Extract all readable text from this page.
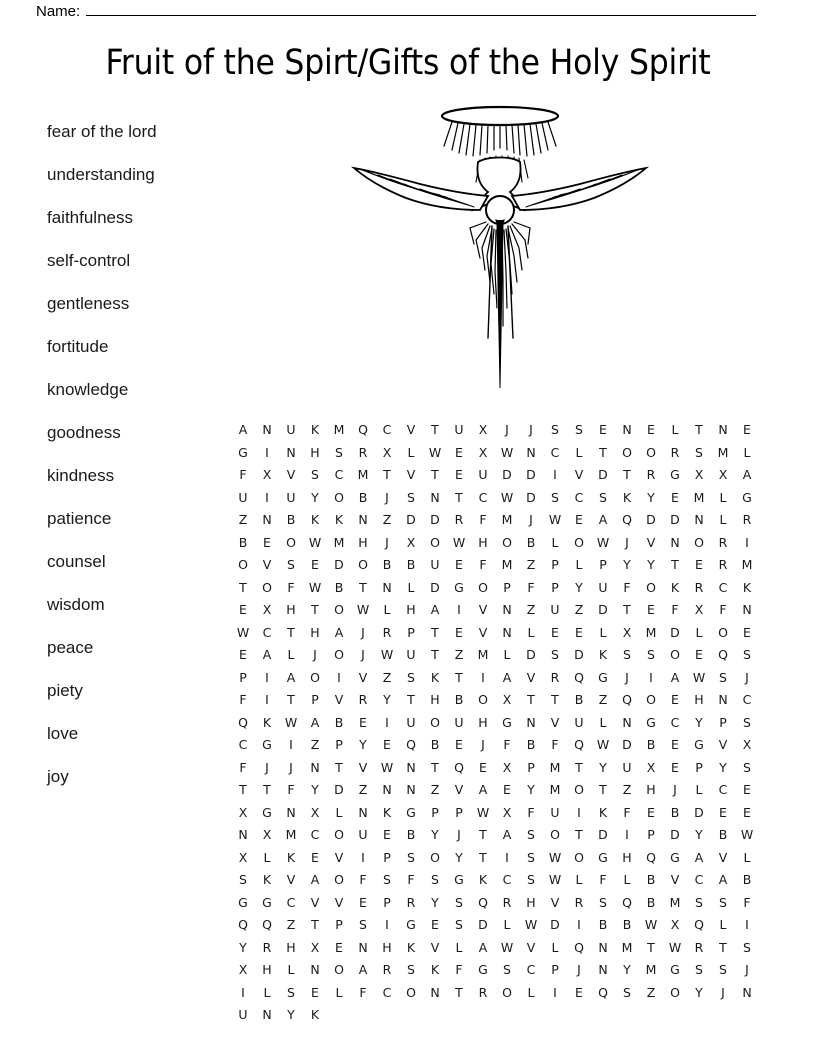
Name:
Fruit of the Spirt/Gifts of the Holy Spirit
fear of the lord
understanding
faithfulness
self-control
gentleness
fortitude
knowledge
goodness
kindness
patience
counsel
wisdom
peace
piety
love
joy
A	N	U	K	M	Q	C	V	T	U	X	J	J	S	S	E	N	E	L	T	N	E
G	I	N	H	S	R	X	L	W	E	X	W	N	C	L	T	O	O	R	S	M	L
F	X	V	S	C	M	T	V	T	E	U	D	D	I	V	D	T	R	G	X	X	A
U	I	U	Y	O	B	J	S	N	T	C	W	D	S	C	S	K	Y	E	M	L	G
Z	N	B	K	K	N	Z	D	D	R	F	M	J	W	E	A	Q	D	D	N	L	R
B	E	O	W M	H	J	X	O	W	H	O	B	L	O	W	J	V	N	O	R	I
O	V	S	E	D	O	B	B	U	E	F	M	Z	P	L	P	Y	Y	T	E	R	M
T	O	F	W	B	T	N	L	D	G	O	P	F	P	Y	U	F	O	K	R	C	K
E	X	H	T	O	W	L	H	A	I	V	N	Z	U	Z	D	T	E	F	X	F	N
W	C	T	H	A	J	R	P	T	E	V	N	L	E	E	L	X	M	D	L	O	E
E	A	L	J	O	J	W	U	T	Z	M	L	D	S	D	K	S	S	O	E	Q	S
P	I	A	O	I	V	Z	S	K	T	I	A	V	R	Q	G	J	I	A	W	S	J
F	I	T	P	V	R	Y	T	H	B	O	X	T	T	B	Z	Q	O	E	H	N	C
Q	K	W	A	B	E	I	U	O	U	H	G	N	V	U	L	N	G	C	Y	P	S
C	G	I	Z	P	Y	E	Q	B	E	J	F	B	F	Q	W	D	B	E	G	V	X
F	J	J	N	T	V	W	N	T	Q	E	X	P	M	T	Y	U	X	E	P	Y	S
T	T	F	Y	D	Z	N	N	Z	V	A	E	Y	M	O	T	Z	H	J	L	C	E
X	G	N	X	L	N	K	G	P	P	W	X	F	U	I	K	F	E	B	D	E	E
N	X	M	C	O	U	E	B	Y	J	T	A	S	O	T	D	I	P	D	Y	B	W
X	L	K	E	V	I	P	S	O	Y	T	I	S	W	O	G	H	Q	G	A	V	L
S	K	V	A	O	F	S	F	S	G	K	C	S	W	L	F	L	B	V	C	A	B
G	G	C	V	V	E	P	R	Y	S	Q	R	H	V	R	S	Q	B	M	S	S	F
Q	Q	Z	T	P	S	I	G	E	S	D	L	W	D	I	B	B	W	X	Q	L	I
Y	R	H	X	E	N	H	K	V	L	A	W	V	L	Q	N	M	T	W	R	T	S
X	H	L	N	O	A	R	S	K	F	G	S	C	P	J	N	Y	M	G	S	S	J
I	L	S	E	L	F	C	O	N	T	R	O	L	I	E	Q	S	Z	O	Y	J	N
U	N	Y	K
